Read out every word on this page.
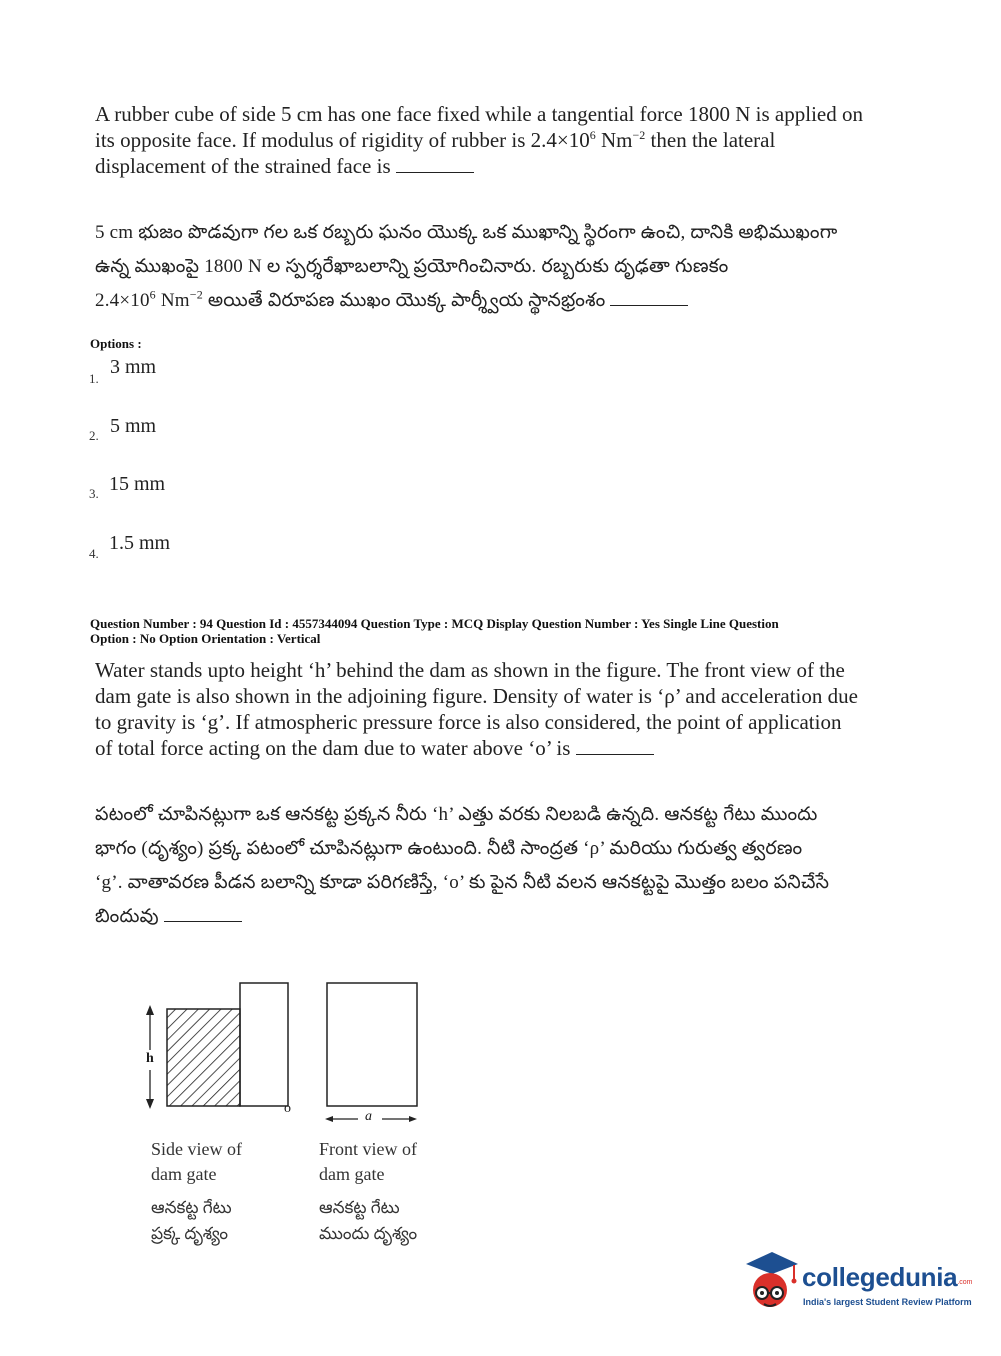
A rubber cube of side 5 cm has one face fixed while a tangential force 1800 N is applied on
its opposite face. If modulus of rigidity of rubber is $2.4\times 10^6$ $Nm^{-2}$ then the lateral
displacement of the strained face is
5 cm భుజం పొడవుగా గల ఒక రబ్బరు ఘనం యొక్క ఒక ముఖాన్ని స్థిరంగా ఉంచి, దానికి అభిముఖంగా
ఉన్న ముఖంపై 1800 N ల స్పర్శరేఖాబలాన్ని ప్రయోగించినారు. రబ్బరుకు దృఢతా గుణకం
$2.4\times 10^6$ $Nm^{-2}$ అయితే విరూపణ ముఖం యొక్క పార్శ్వీయ స్థానభ్రంశం
Options :
1.
3 mm
2. 5 mm
3. 15 mm
4. 1.5 mm
Question Number : 94 Question Id : 4557344094 Question Type : MCQ Display Question Number : Yes Single Line Question
Option : No Option Orientation : Vertical
Water stands upto height ‘h’ behind the dam as shown in the figure. The front view of the
dam gate is also shown in the adjoining figure. Density of water is ‘ρ’ and acceleration due
to gravity is ‘g’. If atmospheric pressure force is also considered, the point of application
of total force acting on the dam due to water above ‘o’ is
పటంలో చూపినట్లుగా ఒక ఆనకట్ట ప్రక్కన నీరు ‘h’ ఎత్తు వరకు నిలబడి ఉన్నది. ఆనకట్ట గేటు ముందు
భాగం (దృశ్యం) ప్రక్క పటంలో చూపినట్లుగా ఉంటుంది. నీటి సాంద్రత ‘ρ’ మరియు గురుత్వ త్వరణం
‘g’. వాతావరణ పీడన బలాన్ని కూడా పరిగణిస్తే, ‘o’ కు పైన నీటి వలన ఆనకట్టపై మొత్తం బలం పనిచేసే
బిందువు
h
o
a
Side view of
dam gate
ఆనకట్ట గేటు
ప్రక్క దృశ్యం
Front view of
dam gate
ఆనకట్ట గేటు
ముందు దృశ్యం
collegedunia.com
India's largest Student Review Platform
